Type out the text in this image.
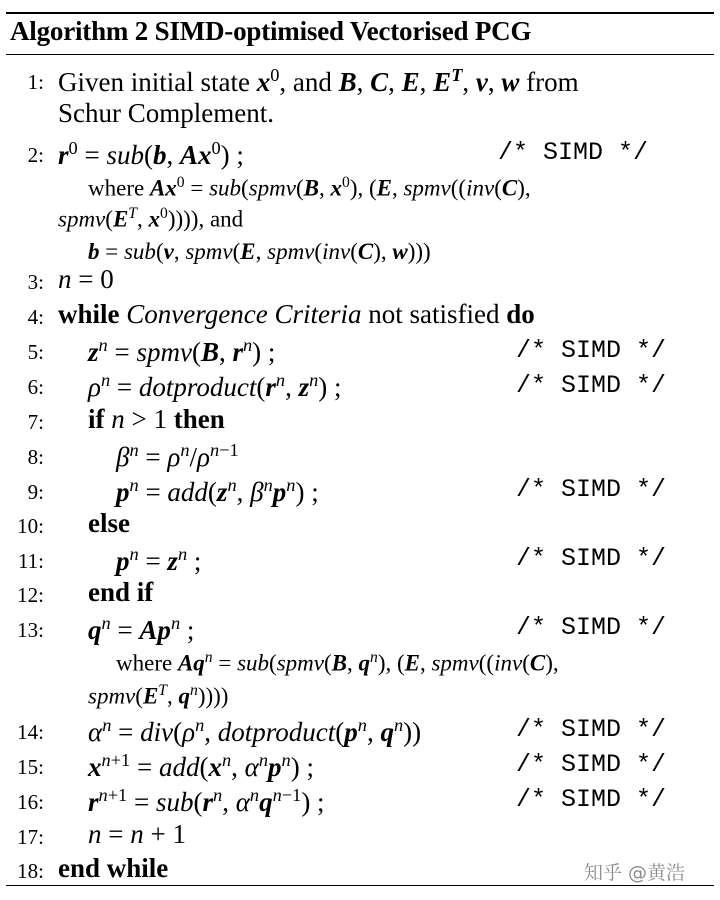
Algorithm 2 SIMD-optimised Vectorised PCG
1: Given initial state $x^0$, and B, C, E, $E^T$, v, w from
Schur Complement.
2: $r^0 = sub(b$, Ax$^0$) ;	/* SIMD */
where $Ax^0$ = sub(spmv(B, $x^0$), (E, spmv((inv(C),
$spmv(E^T$, $x^0$)))), and
b = sub(v, spmv(E, spmv(inv(C), w)))
3: n = 0
4: while Convergence Criteria not satisfied do
5: $z^n$ = spmv(B, $r^n$) ;	/* SIMD */
6: $\rho^n$ = $dotproduct(r^n$, $z^n$) ;	/* SIMD */
7: if n > 1 then
8:	$\beta^n = \rho^n/\rho^{n-1}$
9:	$p^n = add(z^n$, $\beta^np^n$) ;	/* SIMD */
10: else
11:	$p^n = z^n$ ;	/* SIMD */
12: end if
13: $q^n = Ap^n$ ;	/* SIMD */
where $Aq^n$ = sub(spmv(B, $q^n$), (E, spmv((inv(C),
$spmv(E^T$, $q^n$))))
14: $\alpha^n = div(\rho^n$, $dotproduct(p^n$, $q^n$))	/* SIMD */
15: $x^{n+1} = add(x^n$, $\alpha^np^n$) ;	/* SIMD */
16: $r^{n+1} = sub(r^n$, $\alpha^nq^{n-1}$) ;	/* SIMD */
17: n = n + 1
18: end while	知乎 @黄浩
